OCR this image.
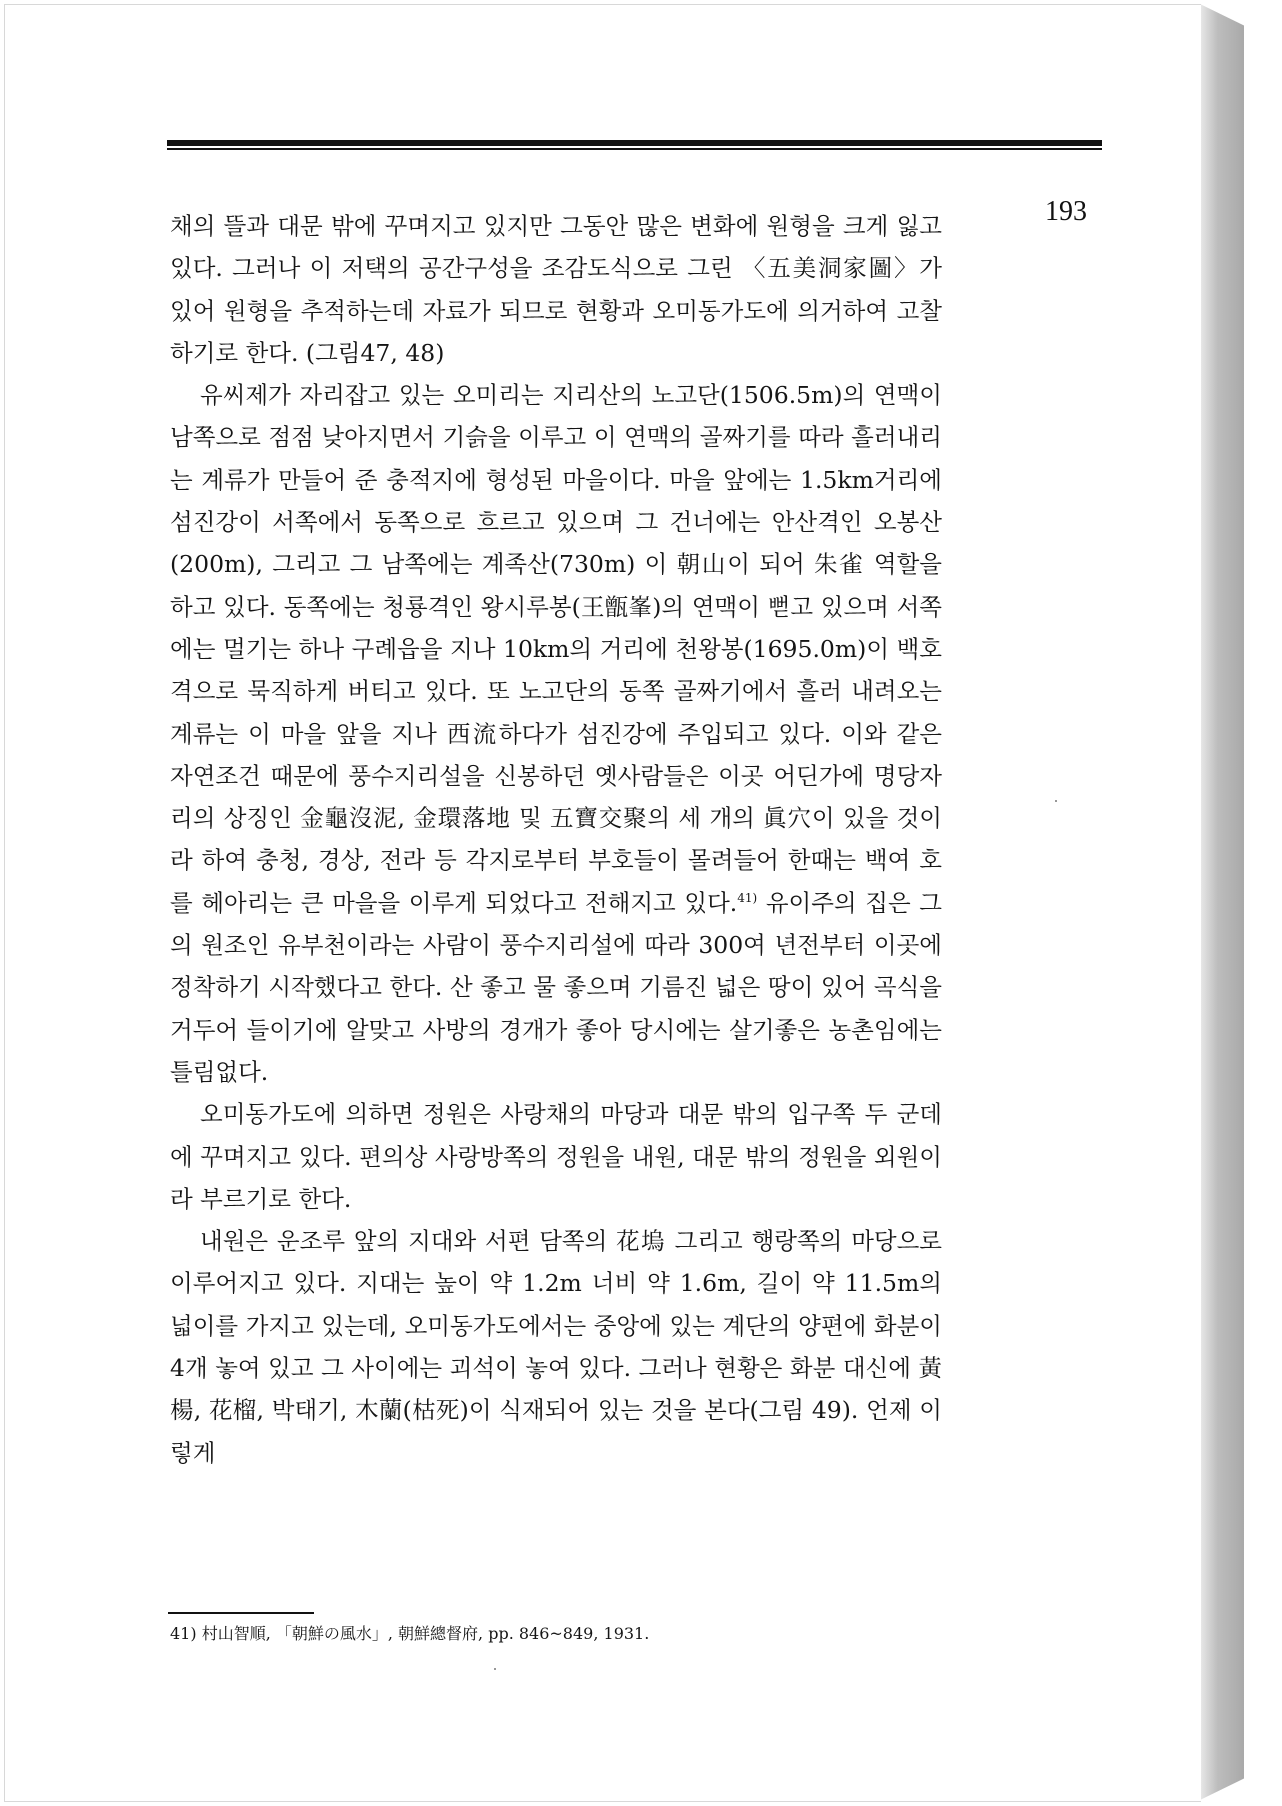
193

채의 뜰과 대문 밖에 꾸며지고 있지만 그동안 많은 변화에 원형을 크게 잃고 있다. 그러나 이 저택의 공간구성을 조감도식으로 그린 〈五美洞家圖〉가 있어 원형을 추적하는데 자료가 되므로 현황과 오미동가도에 의거하여 고찰하기로 한다. (그림47, 48)

유씨제가 자리잡고 있는 오미리는 지리산의 노고단(1506.5m)의 연맥이 남쪽으로 점점 낮아지면서 기슭을 이루고 이 연맥의 골짜기를 따라 흘러내리는 계류가 만들어 준 충적지에 형성된 마을이다. 마을 앞에는 1.5km거리에 섬진강이 서쪽에서 동쪽으로 흐르고 있으며 그 건너에는 안산격인 오봉산(200m), 그리고 그 남쪽에는 계족산(730m) 이 朝山이 되어 朱雀 역할을 하고 있다. 동쪽에는 청룡격인 왕시루봉(王甑峯)의 연맥이 뻗고 있으며 서쪽에는 멀기는 하나 구례읍을 지나 10km의 거리에 천왕봉(1695.0m)이 백호 격으로 묵직하게 버티고 있다. 또 노고단의 동쪽 골짜기에서 흘러 내려오는 계류는 이 마을 앞을 지나 西流하다가 섬진강에 주입되고 있다. 이와 같은 자연조건 때문에 풍수지리설을 신봉하던 옛사람들은 이곳 어딘가에 명당자리의 상징인 金龜沒泥, 金環落地 및 五寶交聚의 세 개의 眞穴이 있을 것이라 하여 충청, 경상, 전라 등 각지로부터 부호들이 몰려들어 한때는 백여 호를 헤아리는 큰 마을을 이루게 되었다고 전해지고 있다.$^{41)}$ 유이주의 집은 그의 원조인 유부천이라는 사람이 풍수지리설에 따라 300여 년전부터 이곳에 정착하기 시작했다고 한다. 산 좋고 물 좋으며 기름진 넓은 땅이 있어 곡식을 거두어 들이기에 알맞고 사방의 경개가 좋아 당시에는 살기좋은 농촌임에는 틀림없다.

오미동가도에 의하면 정원은 사랑채의 마당과 대문 밖의 입구쪽 두 군데에 꾸며지고 있다. 편의상 사랑방쪽의 정원을 내원, 대문 밖의 정원을 외원이라 부르기로 한다.

내원은 운조루 앞의 지대와 서편 담쪽의 花塢 그리고 행랑쪽의 마당으로 이루어지고 있다. 지대는 높이 약 1.2m 너비 약 1.6m, 길이 약 11.5m의 넓이를 가지고 있는데, 오미동가도에서는 중앙에 있는 계단의 양편에 화분이 4개 놓여 있고 그 사이에는 괴석이 놓여 있다. 그러나 현황은 화분 대신에 黃楊, 花榴, 박태기, 木蘭(枯死)이 식재되어 있는 것을 본다(그림 49). 언제 이렇게

41) 村山智順, 「朝鮮の風水」, 朝鮮總督府, pp. 846~849, 1931.
